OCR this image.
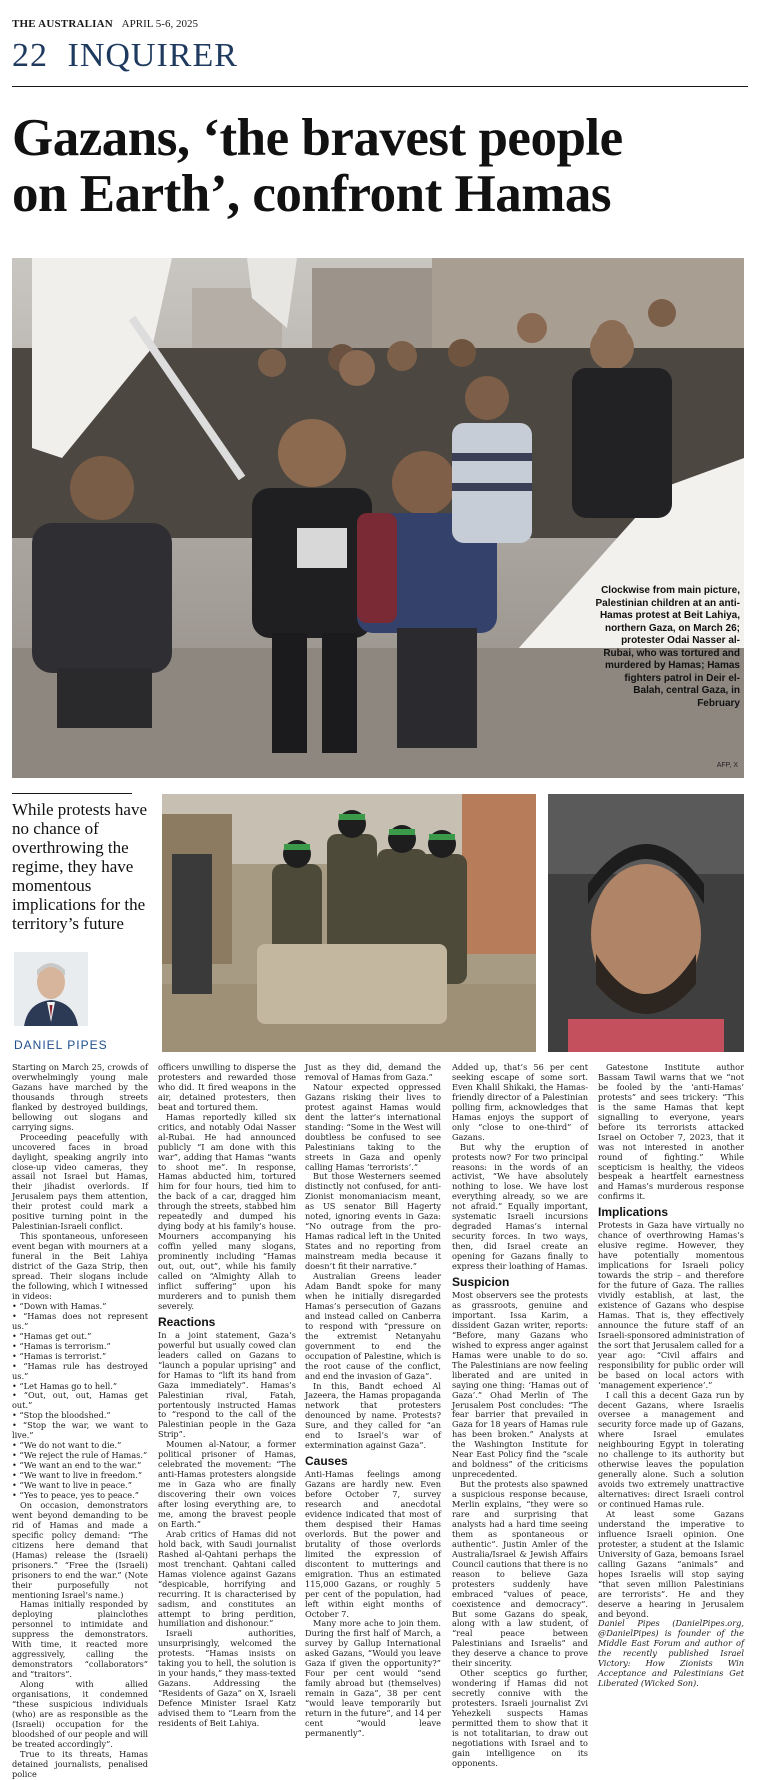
THE AUSTRALIAN APRIL 5-6, 2025
22 INQUIRER
Gazans, ‘the bravest people
on Earth’, confront Hamas
Clockwise from main picture, Palestinian children at an anti-Hamas protest at Beit Lahiya, northern Gaza, on March 26; protester Odai Nasser al-Rubai, who was tortured and murdered by Hamas; Hamas fighters patrol in Deir el-Balah, central Gaza, in February
AFP, X
While protests have no chance of overthrowing the regime, they have momentous implications for the territory’s future
DANIEL PIPES

Starting on March 25, crowds of overwhelmingly young male Gazans have marched by the thousands through streets flanked by destroyed buildings, bellowing out slogans and carrying signs.

Proceeding peacefully with uncovered faces in broad daylight, speaking angrily into close-up video cameras, they assail not Israel but Hamas, their jihadist overlords. If Jerusalem pays them attention, their protest could mark a positive turning point in the Palestinian-Israeli conflict.

This spontaneous, unforeseen event began with mourners at a funeral in the Beit Lahiya district of the Gaza Strip, then spread. Their slogans include the following, which I witnessed in videos:

• “Down with Hamas.”
• “Hamas does not represent us.”
• “Hamas get out.”
• “Hamas is terrorism.”
• “Hamas is terrorist.”
• “Hamas rule has destroyed us.”
• “Let Hamas go to hell.”
• “Out, out, out, Hamas get out.”
• “Stop the bloodshed.”
• “Stop the war, we want to live.”
• “We do not want to die.”
• “We reject the rule of Hamas.”
• “We want an end to the war.”
• “We want to live in freedom.”
• “We want to live in peace.”
• “Yes to peace, yes to peace.”

On occasion, demonstrators went beyond demanding to be rid of Hamas and made a specific policy demand: “The citizens here demand that (Hamas) release the (Israeli) prisoners.” “Free the (Israeli) prisoners to end the war.” (Note their purposefully not mentioning Israel’s name.)

Hamas initially responded by deploying plainclothes personnel to intimidate and suppress the demonstrators. With time, it reacted more aggressively, calling the demonstrators “collaborators” and “traitors”.

Along with allied organisations, it condemned “these suspicious individuals (who) are as responsible as the (Israeli) occupation for the bloodshed of our people and will be treated accordingly”.

True to its threats, Hamas detained journalists, penalised police

officers unwilling to disperse the protesters and rewarded those who did. It fired weapons in the air, detained protesters, then beat and tortured them.

Hamas reportedly killed six critics, and notably Odai Nasser al-Rubai. He had announced publicly “I am done with this war”, adding that Hamas “wants to shoot me”. In response, Hamas abducted him, tortured him for four hours, tied him to the back of a car, dragged him through the streets, stabbed him repeatedly and dumped his dying body at his family’s house. Mourners accompanying his coffin yelled many slogans, prominently including “Hamas out, out, out”, while his family called on “Almighty Allah to inflict suffering” upon his murderers and to punish them severely.

Reactions

In a joint statement, Gaza’s powerful but usually cowed clan leaders called on Gazans to “launch a popular uprising” and for Hamas to “lift its hand from Gaza immediately”. Hamas’s Palestinian rival, Fatah, portentously instructed Hamas to “respond to the call of the Palestinian people in the Gaza Strip”.

Moumen al-Natour, a former political prisoner of Hamas, celebrated the movement: “The anti-Hamas protesters alongside me in Gaza who are finally discovering their own voices after losing everything are, to me, among the bravest people on Earth.”

Arab critics of Hamas did not hold back, with Saudi journalist Rashed al-Qahtani perhaps the most trenchant. Qahtani called Hamas violence against Gazans “despicable, horrifying and recurring. It is characterised by sadism, and constitutes an attempt to bring perdition, humiliation and dishonour.”

Israeli authorities, unsurprisingly, welcomed the protests. “Hamas insists on taking you to hell, the solution is in your hands,” they mass-texted Gazans. Addressing the “Residents of Gaza” on X, Israeli Defence Minister Israel Katz advised them to “Learn from the residents of Beit Lahiya.

Just as they did, demand the removal of Hamas from Gaza.”

Natour expected oppressed Gazans risking their lives to protest against Hamas would dent the latter’s international standing: “Some in the West will doubtless be confused to see Palestinians taking to the streets in Gaza and openly calling Hamas ‘terrorists’.”

But those Westerners seemed distinctly not confused, for anti-Zionist monomaniacism meant, as US senator Bill Hagerty noted, ignoring events in Gaza: “No outrage from the pro-Hamas radical left in the United States and no reporting from mainstream media because it doesn’t fit their narrative.”

Australian Greens leader Adam Bandt spoke for many when he initially disregarded Hamas’s persecution of Gazans and instead called on Canberra to respond with “pressure on the extremist Netanyahu government to end the occupation of Palestine, which is the root cause of the conflict, and end the invasion of Gaza”.

In this, Bandt echoed Al Jazeera, the Hamas propaganda network that protesters denounced by name. Protests? Sure, and they called for “an end to Israel’s war of extermination against Gaza”.

Causes

Anti-Hamas feelings among Gazans are hardly new. Even before October 7, survey research and anecdotal evidence indicated that most of them despised their Hamas overlords. But the power and brutality of those overlords limited the expression of discontent to mutterings and emigration. Thus an estimated 115,000 Gazans, or roughly 5 per cent of the population, had left within eight months of October 7.

Many more ache to join them. During the first half of March, a survey by Gallup International asked Gazans, “Would you leave Gaza if given the opportunity?” Four per cent would “send family abroad but (themselves) remain in Gaza”, 38 per cent “would leave temporarily but return in the future”, and 14 per cent “would leave permanently”.

Added up, that’s 56 per cent seeking escape of some sort. Even Khalil Shikaki, the Hamas-friendly director of a Palestinian polling firm, acknowledges that Hamas enjoys the support of only “close to one-third” of Gazans.

But why the eruption of protests now? For two principal reasons: in the words of an activist, “We have absolutely nothing to lose. We have lost everything already, so we are not afraid.” Equally important, systematic Israeli incursions degraded Hamas’s internal security forces. In two ways, then, did Israel create an opening for Gazans finally to express their loathing of Hamas.

Suspicion

Most observers see the protests as grassroots, genuine and important. Issa Karim, a dissident Gazan writer, reports: “Before, many Gazans who wished to express anger against Hamas were unable to do so. The Palestinians are now feeling liberated and are united in saying one thing: ‘Hamas out of Gaza’.” Ohad Merlin of The Jerusalem Post concludes: “The fear barrier that prevailed in Gaza for 18 years of Hamas rule has been broken.” Analysts at the Washington Institute for Near East Policy find the “scale and boldness” of the criticisms unprecedented.

But the protests also spawned a suspicious response because, Merlin explains, “they were so rare and surprising that analysts had a hard time seeing them as spontaneous or authentic”. Justin Amler of the Australia/Israel & Jewish Affairs Council cautions that there is no reason to believe Gaza protesters suddenly have embraced “values of peace, coexistence and democracy”. But some Gazans do speak, along with a law student, of “real peace between Palestinians and Israelis” and they deserve a chance to prove their sincerity.

Other sceptics go further, wondering if Hamas did not secretly connive with the protesters. Israeli journalist Zvi Yehezkeli suspects Hamas permitted them to show that it is not totalitarian, to draw out negotiations with Israel and to gain intelligence on its opponents.

Gatestone Institute author Bassam Tawil warns that we “not be fooled by the ‘anti-Hamas’ protests” and sees trickery: “This is the same Hamas that kept signalling to everyone, years before its terrorists attacked Israel on October 7, 2023, that it was not interested in another round of fighting.” While scepticism is healthy, the videos bespeak a heartfelt earnestness and Hamas’s murderous response confirms it.

Implications

Protests in Gaza have virtually no chance of overthrowing Hamas’s elusive regime. However, they have potentially momentous implications for Israeli policy towards the strip – and therefore for the future of Gaza. The rallies vividly establish, at last, the existence of Gazans who despise Hamas. That is, they effectively announce the future staff of an Israeli-sponsored administration of the sort that Jerusalem called for a year ago: “Civil affairs and responsibility for public order will be based on local actors with ‘management experience’.”

I call this a decent Gaza run by decent Gazans, where Israelis oversee a management and security force made up of Gazans, where Israel emulates neighbouring Egypt in tolerating no challenge to its authority but otherwise leaves the population generally alone. Such a solution avoids two extremely unattractive alternatives: direct Israeli control or continued Hamas rule.

At least some Gazans understand the imperative to influence Israeli opinion. One protester, a student at the Islamic University of Gaza, bemoans Israel calling Gazans “animals” and hopes Israelis will stop saying “that seven million Palestinians are terrorists”. He and they deserve a hearing in Jerusalem and beyond.

Daniel Pipes (DanielPipes.org, @DanielPipes) is founder of the Middle East Forum and author of the recently published Israel Victory: How Zionists Win Acceptance and Palestinians Get Liberated (Wicked Son).
